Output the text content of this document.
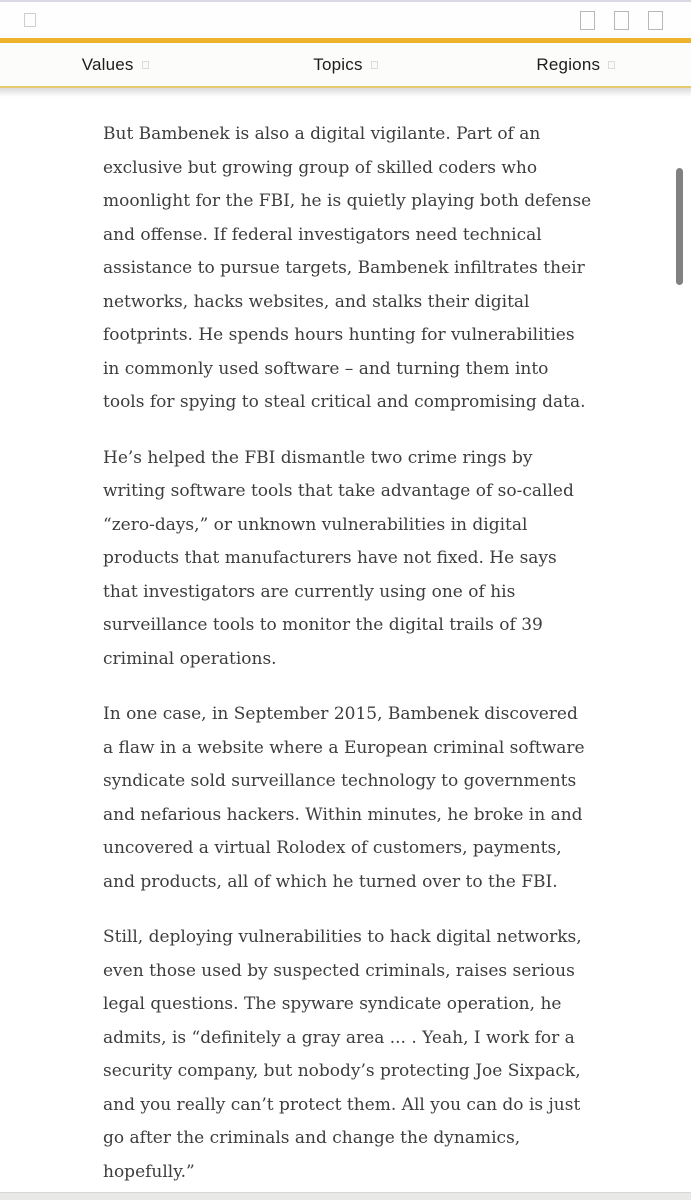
Values	Topics	Regions

But Bambenek is also a digital vigilante. Part of an exclusive but growing group of skilled coders who moonlight for the FBI, he is quietly playing both defense and offense. If federal investigators need technical assistance to pursue targets, Bambenek infiltrates their networks, hacks websites, and stalks their digital footprints. He spends hours hunting for vulnerabilities in commonly used software – and turning them into tools for spying to steal critical and compromising data.

He’s helped the FBI dismantle two crime rings by writing software tools that take advantage of so-called “zero-days,” or unknown vulnerabilities in digital products that manufacturers have not fixed. He says that investigators are currently using one of his surveillance tools to monitor the digital trails of 39 criminal operations.

In one case, in September 2015, Bambenek discovered a flaw in a website where a European criminal software syndicate sold surveillance technology to governments and nefarious hackers. Within minutes, he broke in and uncovered a virtual Rolodex of customers, payments, and products, all of which he turned over to the FBI.

Still, deploying vulnerabilities to hack digital networks, even those used by suspected criminals, raises serious legal questions. The spyware syndicate operation, he admits, is “definitely a gray area ... . Yeah, I work for a security company, but nobody’s protecting Joe Sixpack, and you really can’t protect them. All you can do is just go after the criminals and change the dynamics, hopefully.”
